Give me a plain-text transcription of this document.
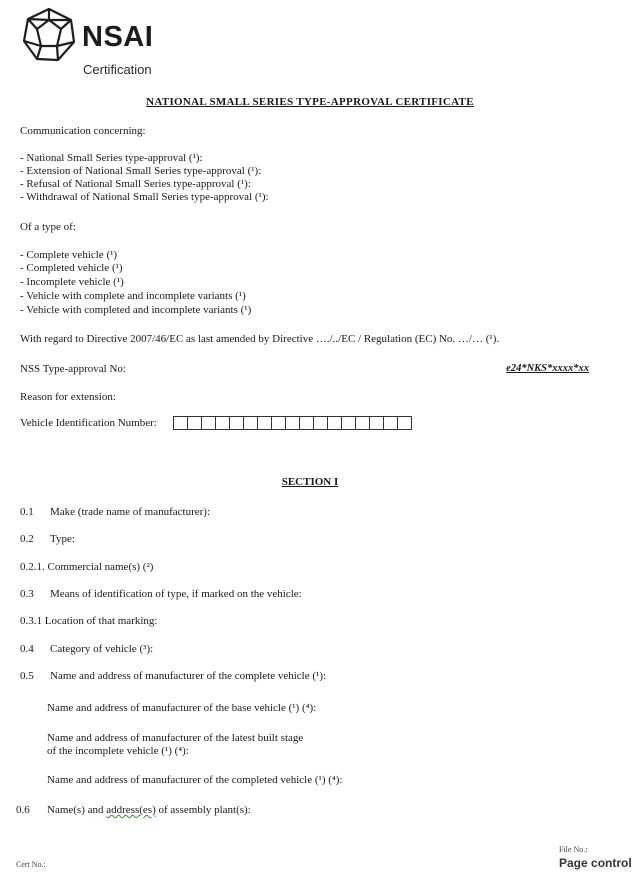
NSAI
Certification
NATIONAL SMALL SERIES TYPE-APPROVAL CERTIFICATE
Communication concerning:
- National Small Series type-approval (¹):
- Extension of National Small Series type-approval (¹):
- Refusal of National Small Series type-approval (¹):
- Withdrawal of National Small Series type-approval (¹):
Of a type of:
- Complete vehicle (¹)
- Completed vehicle (¹)
- Incomplete vehicle (¹)
- Vehicle with complete and incomplete variants (¹)
- Vehicle with completed and incomplete variants (¹)
With regard to Directive 2007/46/EC as last amended by Directive …./../EC / Regulation (EC) No. …/… (¹).
NSS Type-approval No:	e24*NKS*xxxx*xx
Reason for extension:
Vehicle Identification Number:
SECTION I
0.1 Make (trade name of manufacturer):
0.2 Type:
0.2.1. Commercial name(s) (²)
0.3 Means of identification of type, if marked on the vehicle:
0.3.1 Location of that marking:
0.4 Category of vehicle (³):
0.5 Name and address of manufacturer of the complete vehicle (¹):
Name and address of manufacturer of the base vehicle (¹) (⁴):
Name and address of manufacturer of the latest built stage
of the incomplete vehicle (¹) (⁴):
Name and address of manufacturer of the completed vehicle (¹) (⁴):
0.6 Name(s) and address(es) of assembly plant(s):
Cert No.:
File No.:
Page control
